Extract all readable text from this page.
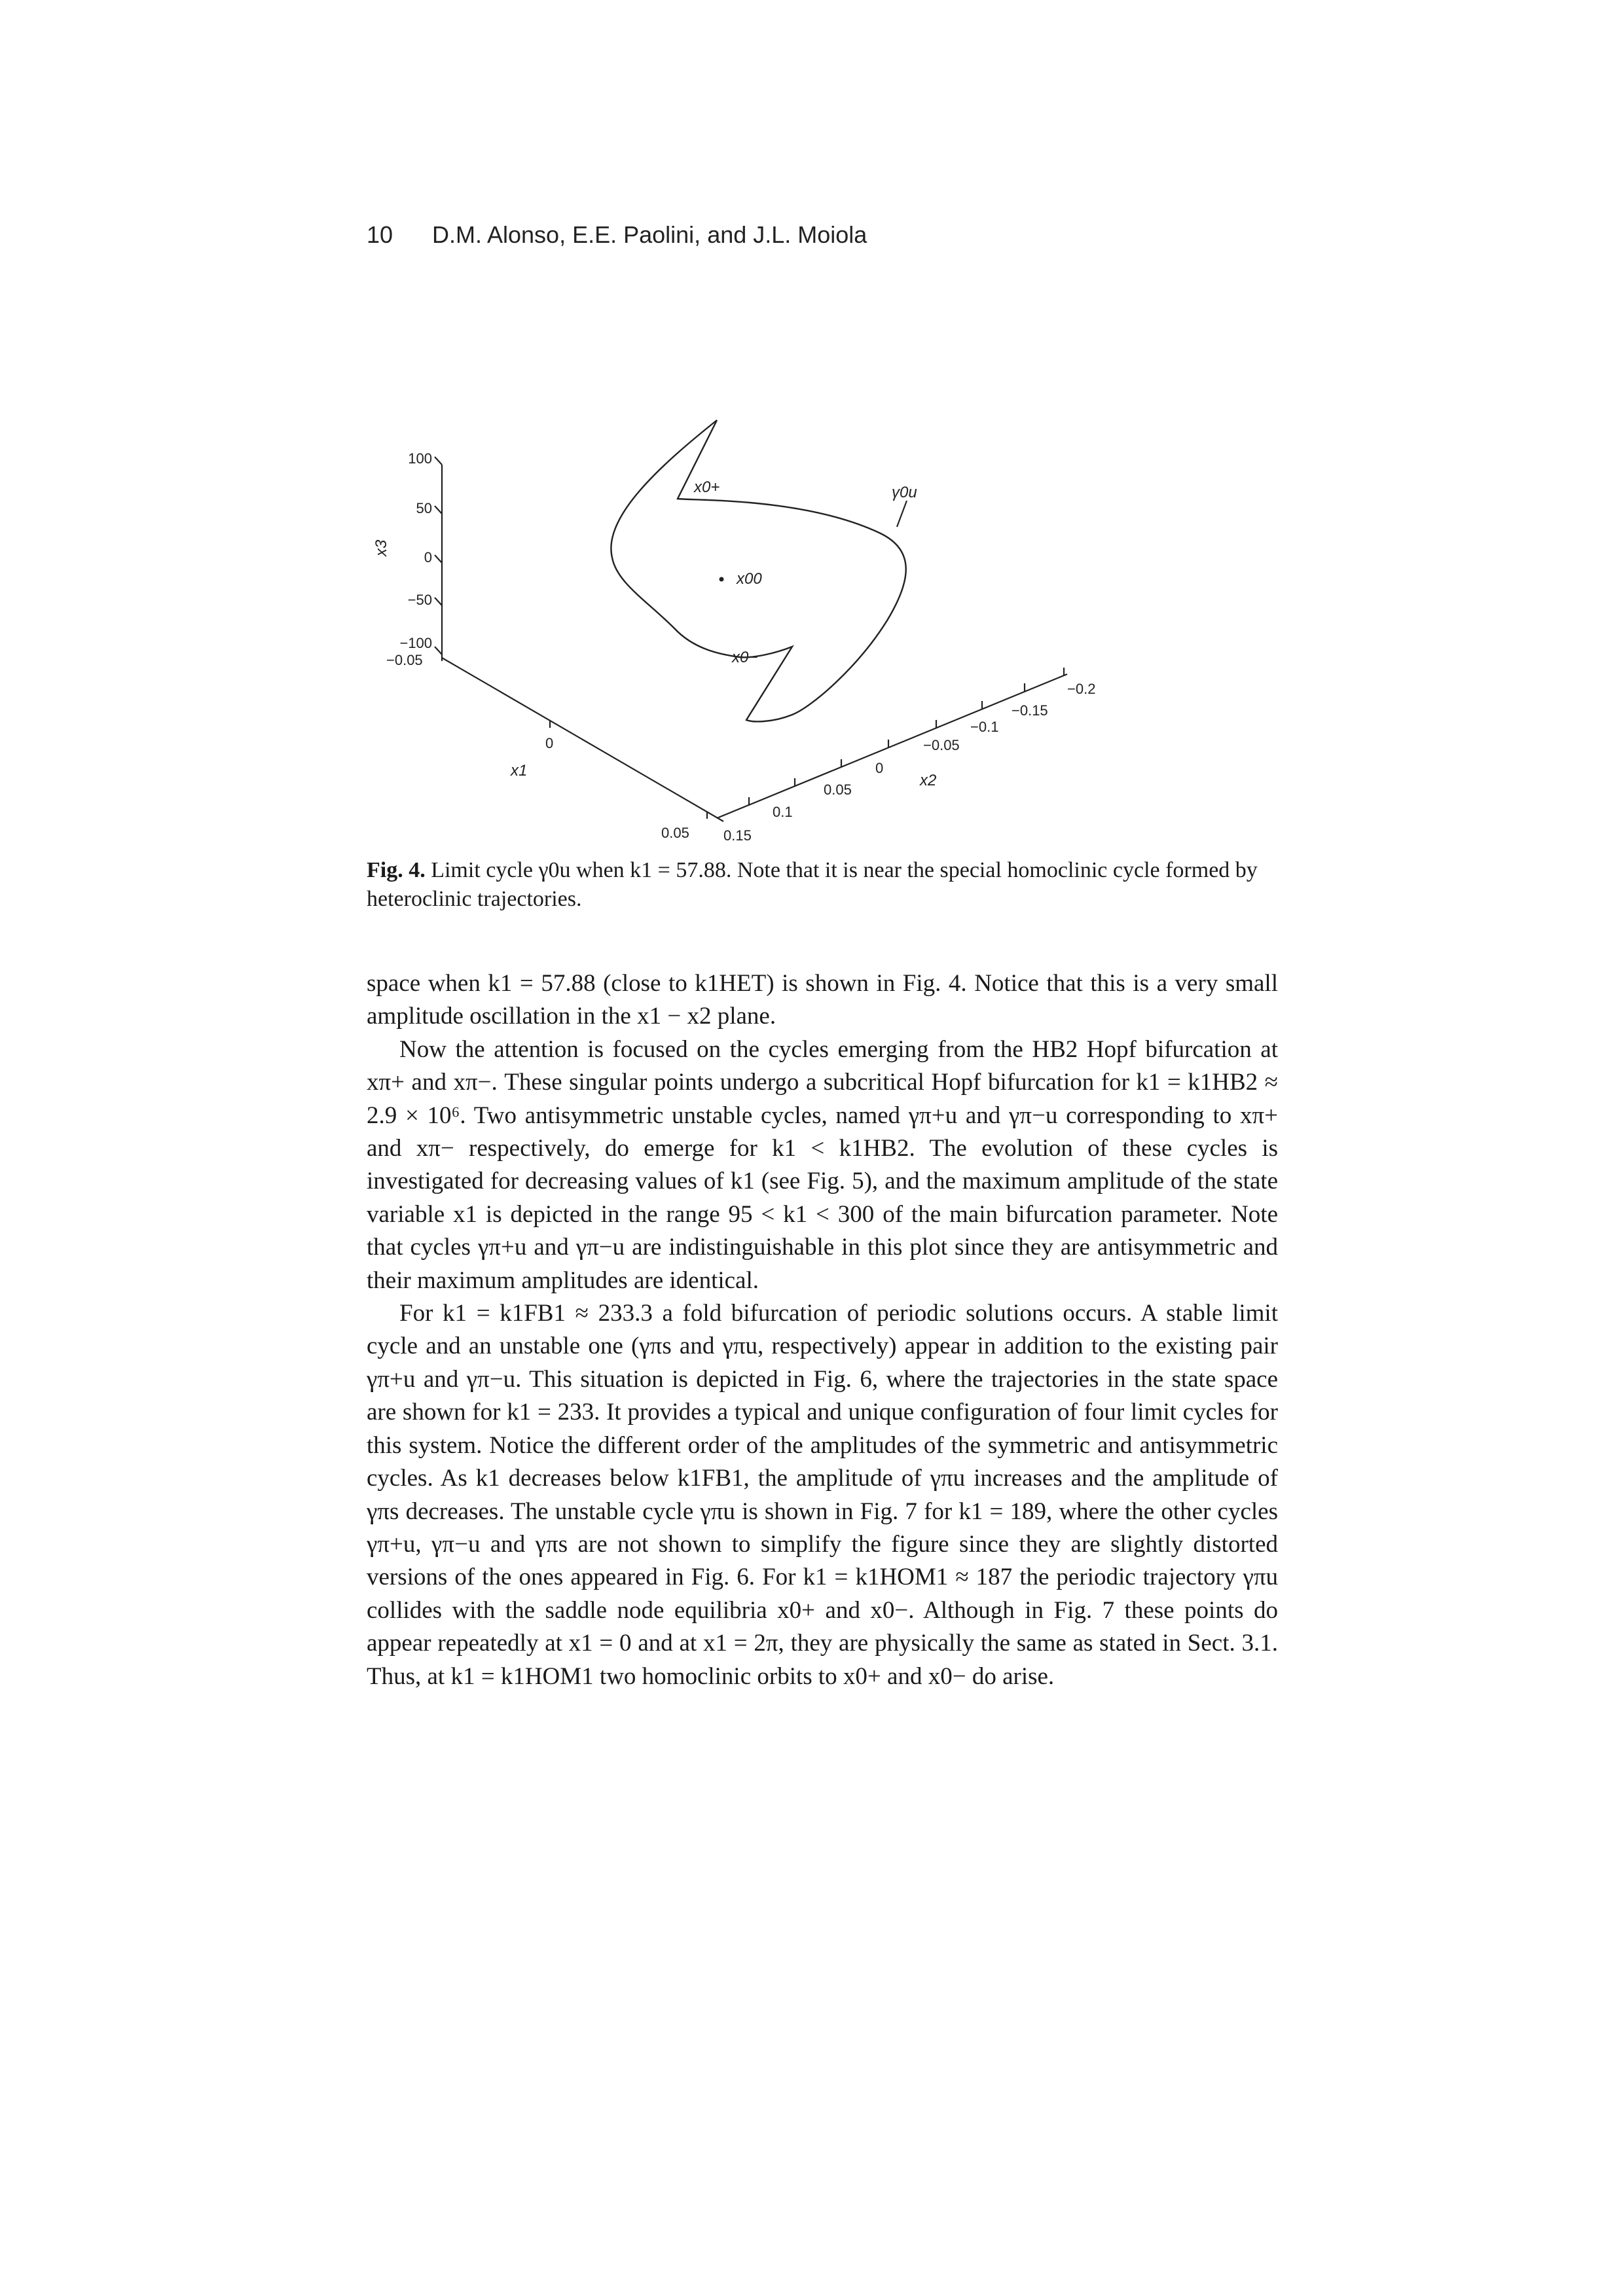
10 D.M. Alonso, E.E. Paolini, and J.L. Moiola
100
50
0
−50
−100
x3
−0.05
0
0.05
x1
0.15
0.1
0.05
0
−0.05
−0.1
−0.15
−0.2
x2
x0+
x00
x0−
γ0u
Fig. 4. Limit cycle γ0u when k1 = 57.88. Note that it is near the special homoclinic cycle formed by heteroclinic trajectories.

space when k1 = 57.88 (close to k1HET) is shown in Fig. 4. Notice that this is a very small amplitude oscillation in the x1 − x2 plane.

Now the attention is focused on the cycles emerging from the HB2 Hopf bifurcation at xπ+ and xπ−. These singular points undergo a subcritical Hopf bifurcation for k1 = k1HB2 ≈ 2.9 × 10⁶. Two antisymmetric unstable cycles, named γπ+u and γπ−u corresponding to xπ+ and xπ− respectively, do emerge for k1 < k1HB2. The evolution of these cycles is investigated for decreasing values of k1 (see Fig. 5), and the maximum amplitude of the state variable x1 is depicted in the range 95 < k1 < 300 of the main bifurcation parameter. Note that cycles γπ+u and γπ−u are indistinguishable in this plot since they are antisymmetric and their maximum amplitudes are identical.

For k1 = k1FB1 ≈ 233.3 a fold bifurcation of periodic solutions occurs. A stable limit cycle and an unstable one (γπs and γπu, respectively) appear in addition to the existing pair γπ+u and γπ−u. This situation is depicted in Fig. 6, where the trajectories in the state space are shown for k1 = 233. It provides a typical and unique configuration of four limit cycles for this system. Notice the different order of the amplitudes of the symmetric and antisymmetric cycles. As k1 decreases below k1FB1, the amplitude of γπu increases and the amplitude of γπs decreases. The unstable cycle γπu is shown in Fig. 7 for k1 = 189, where the other cycles γπ+u, γπ−u and γπs are not shown to simplify the figure since they are slightly distorted versions of the ones appeared in Fig. 6. For k1 = k1HOM1 ≈ 187 the periodic trajectory γπu collides with the saddle node equilibria x0+ and x0−. Although in Fig. 7 these points do appear repeatedly at x1 = 0 and at x1 = 2π, they are physically the same as stated in Sect. 3.1. Thus, at k1 = k1HOM1 two homoclinic orbits to x0+ and x0− do arise.
